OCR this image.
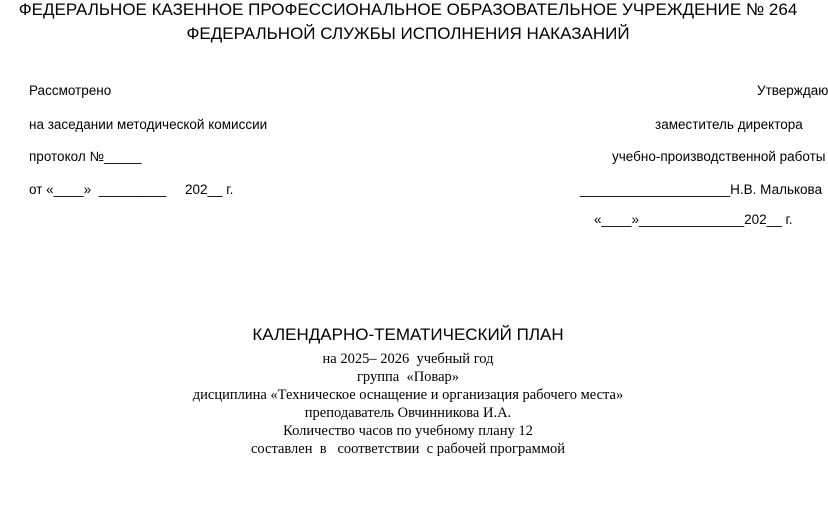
ФЕДЕРАЛЬНОЕ КАЗЕННОЕ ПРОФЕССИОНАЛЬНОЕ ОБРАЗОВАТЕЛЬНОЕ УЧРЕЖДЕНИЕ № 264
ФЕДЕРАЛЬНОЙ СЛУЖБЫ ИСПОЛНЕНИЯ НАКАЗАНИЙ
Рассмотрено
на заседании методической комиссии
протокол №_____
от «____»  _________     202__ г.
Утверждаю
заместитель директора
учебно-производственной работы
____________________Н.В. Малькова
«____»______________202__ г.
КАЛЕНДАРНО-ТЕМАТИЧЕСКИЙ ПЛАН
на 2025– 2026  учебный год
группа  «Повар»
дисциплина «Техническое оснащение и организация рабочего места»
преподаватель Овчинникова И.А.
Количество часов по учебному плану 12
составлен  в   соответствии  с рабочей программой
